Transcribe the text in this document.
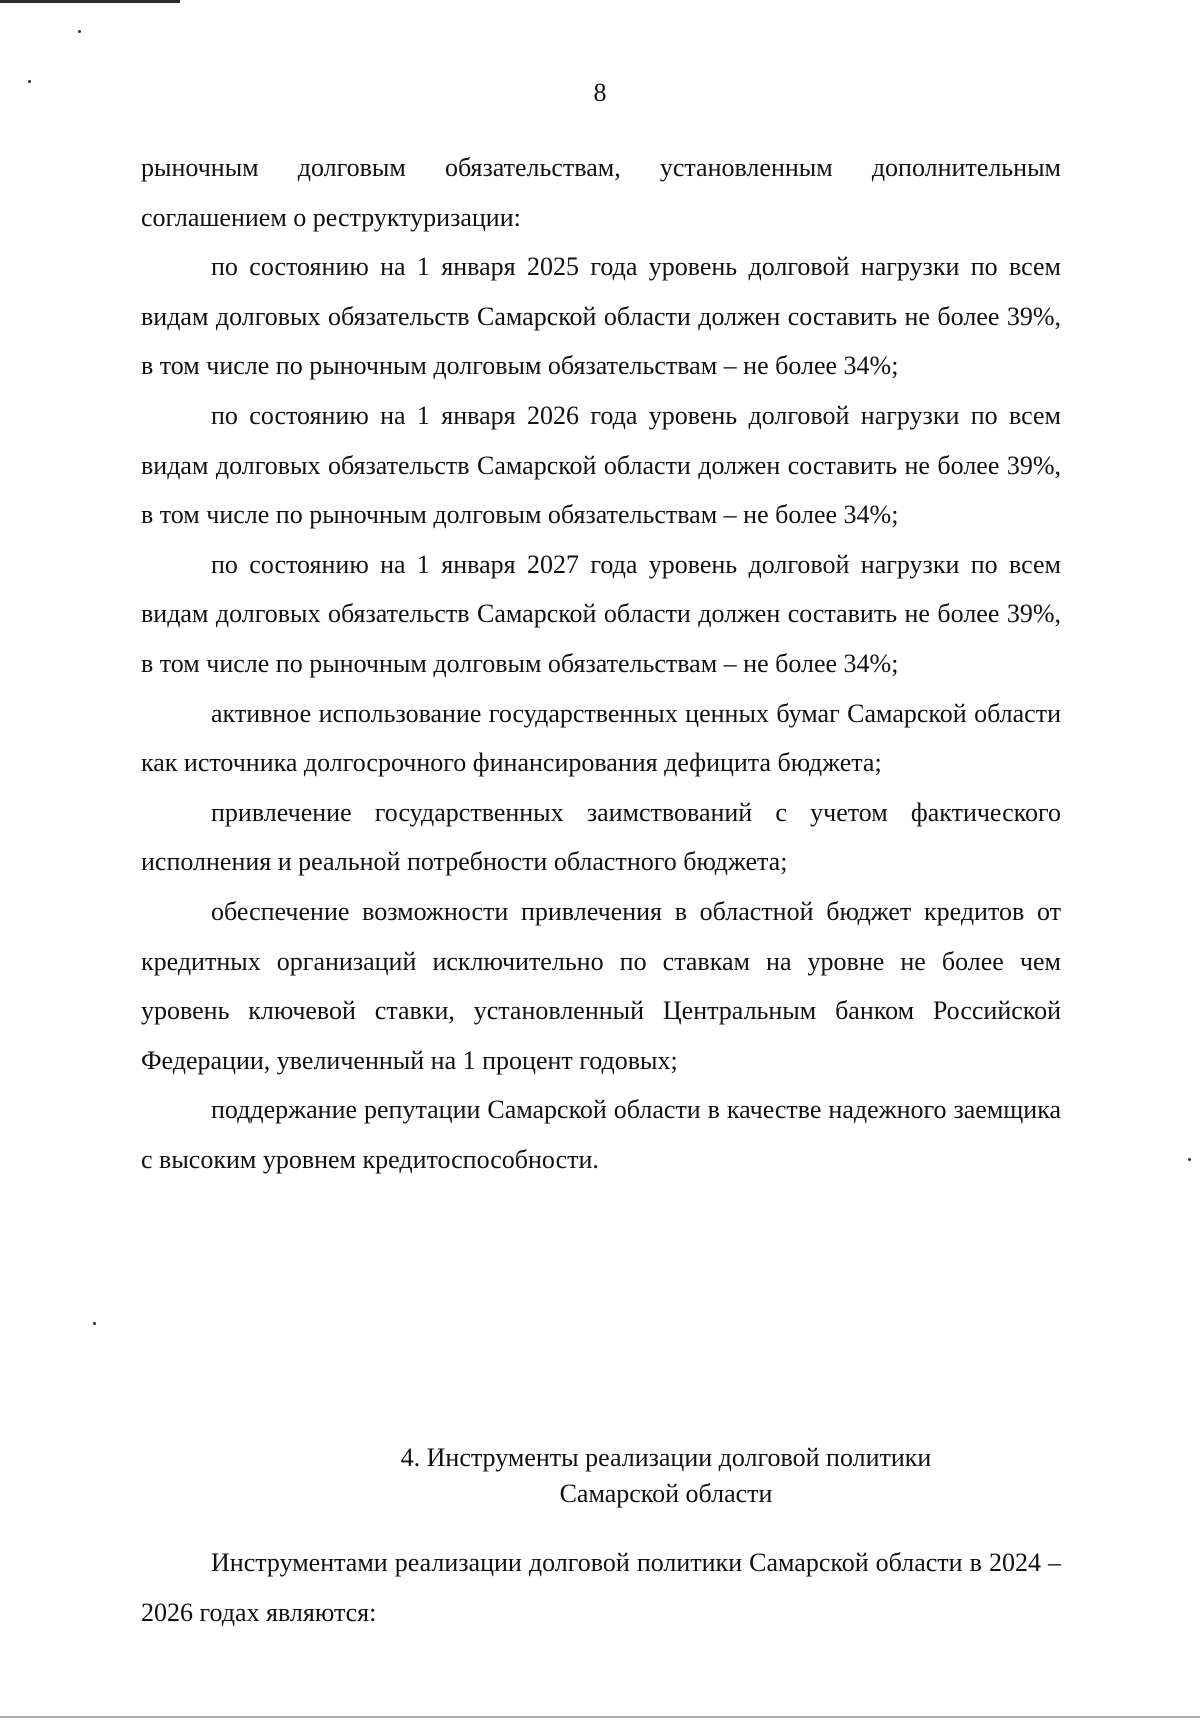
8

рыночным долговым обязательствам, установленным дополнительным соглашением о реструктуризации:

по состоянию на 1 января 2025 года уровень долговой нагрузки по всем видам долговых обязательств Самарской области должен составить не более 39%, в том числе по рыночным долговым обязательствам – не более 34%;

по состоянию на 1 января 2026 года уровень долговой нагрузки по всем видам долговых обязательств Самарской области должен составить не более 39%, в том числе по рыночным долговым обязательствам – не более 34%;

по состоянию на 1 января 2027 года уровень долговой нагрузки по всем видам долговых обязательств Самарской области должен составить не более 39%, в том числе по рыночным долговым обязательствам – не более 34%;

активное использование государственных ценных бумаг Самарской области как источника долгосрочного финансирования дефицита бюджета;

привлечение государственных заимствований с учетом фактического исполнения и реальной потребности областного бюджета;

обеспечение возможности привлечения в областной бюджет кредитов от кредитных организаций исключительно по ставкам на уровне не более чем уровень ключевой ставки, установленный Центральным банком Российской Федерации, увеличенный на 1 процент годовых;

поддержание репутации Самарской области в качестве надежного заемщика с высоким уровнем кредитоспособности.

4. Инструменты реализации долговой политики
Самарской области

Инструментами реализации долговой политики Самарской области в 2024 – 2026 годах являются:
